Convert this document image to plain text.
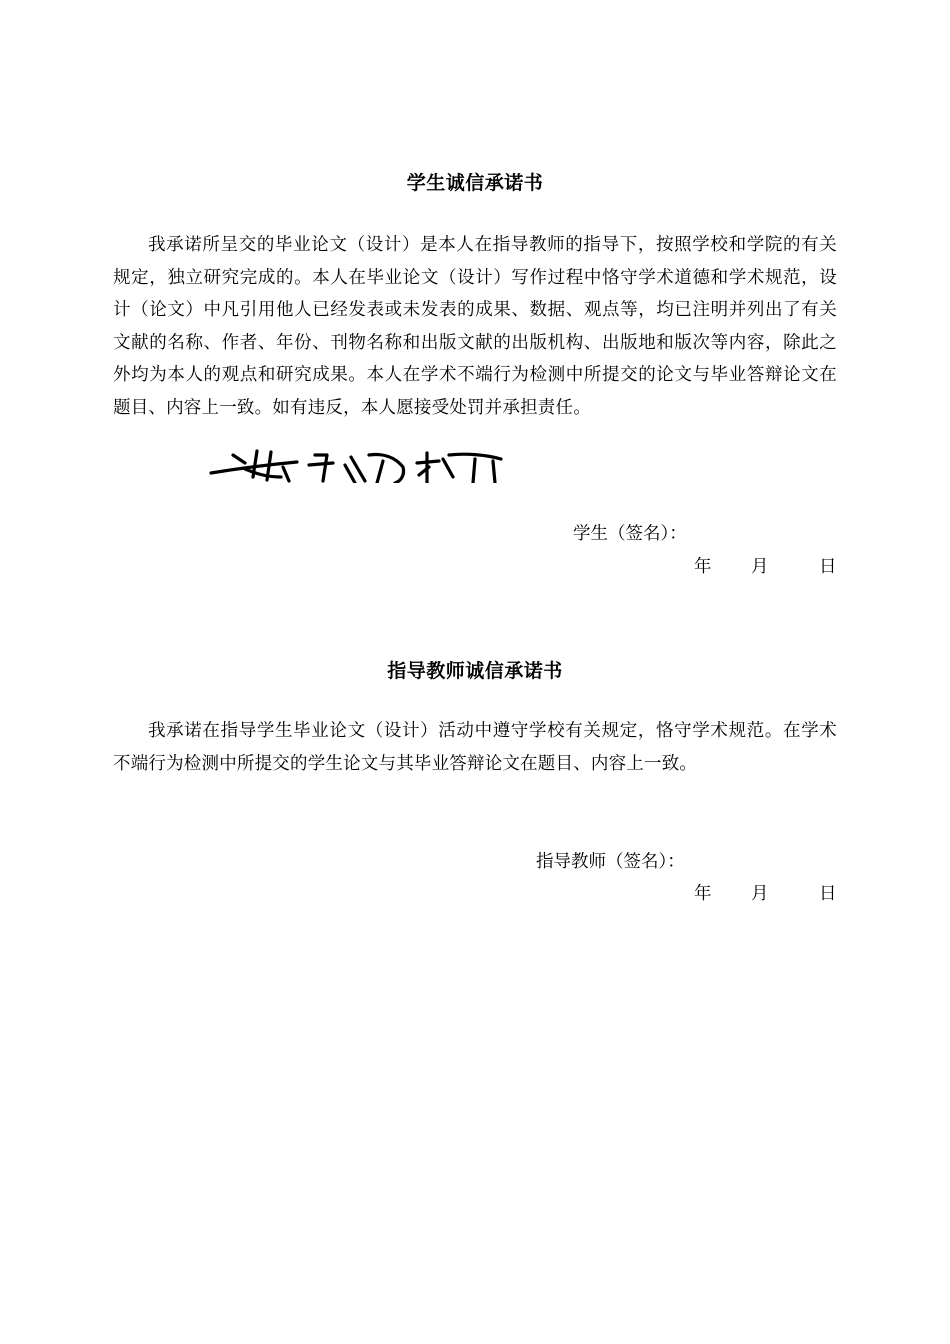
学生诚信承诺书
我承诺所呈交的毕业论文（设计）是本人在指导教师的指导下，按照学校和学院的有关规定，独立研究完成的。本人在毕业论文（设计）写作过程中恪守学术道德和学术规范，设计（论文）中凡引用他人已经发表或未发表的成果、数据、观点等，均已注明并列出了有关文献的名称、作者、年份、刊物名称和出版文献的出版机构、出版地和版次等内容，除此之外均为本人的观点和研究成果。本人在学术不端行为检测中所提交的论文与毕业答辩论文在题目、内容上一致。如有违反，本人愿接受处罚并承担责任。
学生（签名）：
年 月	日
指导教师诚信承诺书
我承诺在指导学生毕业论文（设计）活动中遵守学校有关规定，恪守学术规范。在学术不端行为检测中所提交的学生论文与其毕业答辩论文在题目、内容上一致。
指导教师（签名）：
年 月	日
